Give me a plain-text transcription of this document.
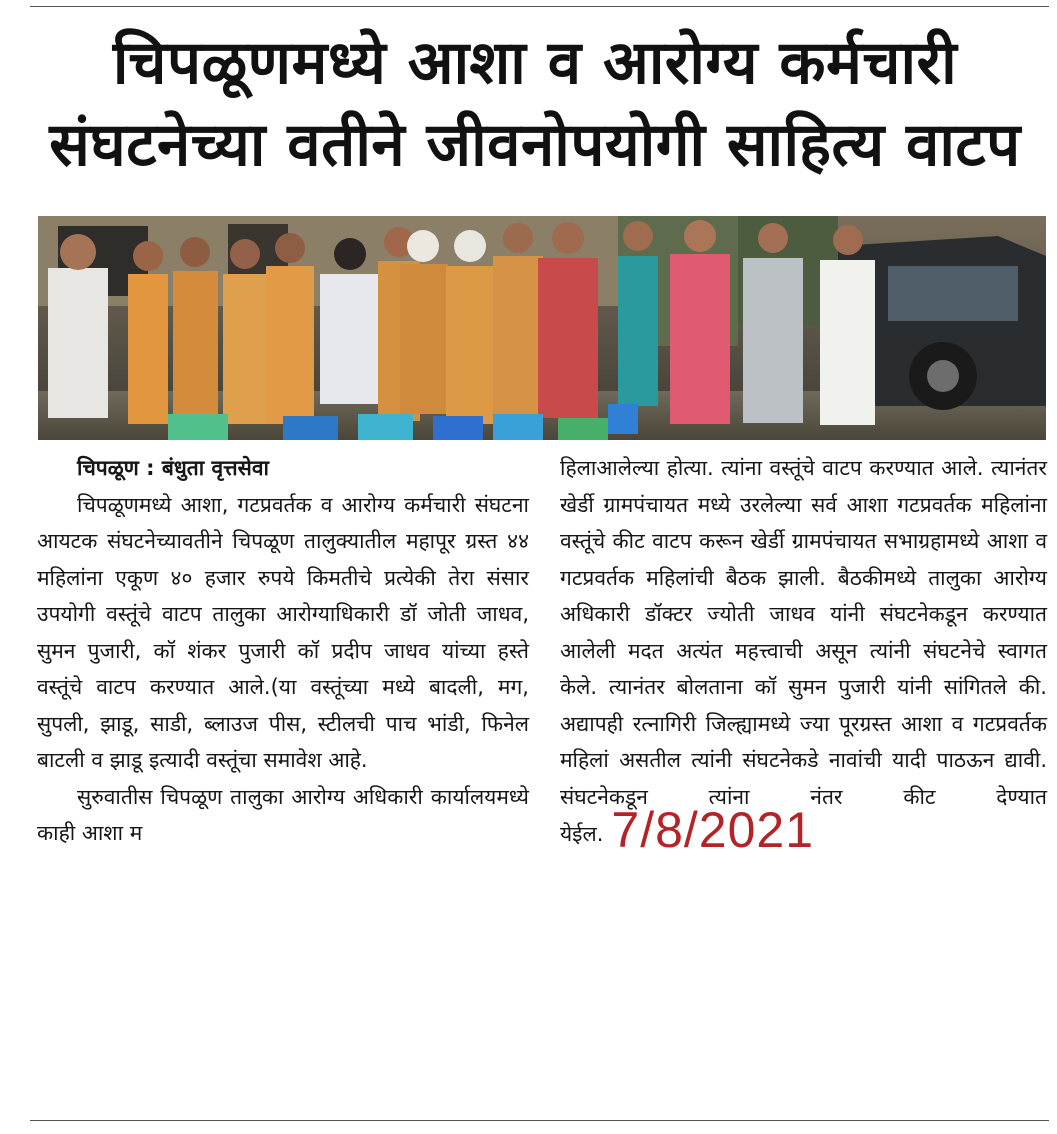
चिपळूणमध्ये आशा व आरोग्य कर्मचारी
संघटनेच्या वतीने जीवनोपयोगी साहित्य वाटप

चिपळूण : बंधुता वृत्तसेवा

चिपळूणमध्ये आशा, गटप्रवर्तक व आरोग्य कर्मचारी संघटना आयटक संघटनेच्यावतीने चिपळूण तालुक्यातील महापूर ग्रस्त ४४ महिलांना एकूण ४० हजार रुपये किमतीचे प्रत्येकी तेरा संसार उपयोगी वस्तूंचे वाटप तालुका आरोग्याधिकारी डॉ जोती जाधव, सुमन पुजारी, कॉ शंकर पुजारी कॉ प्रदीप जाधव यांच्या हस्ते वस्तूंचे वाटप करण्यात आले.(या वस्तूंच्या मध्ये बादली, मग, सुपली, झाडू, साडी, ब्लाउज पीस, स्टीलची पाच भांडी, फिनेल बाटली व झाडू इत्यादी वस्तूंचा समावेश आहे.

सुरुवातीस चिपळूण तालुका आरोग्य अधिकारी कार्यालयमध्ये काही आशा म

हिलाआलेल्या होत्या. त्यांना वस्तूंचे वाटप करण्यात आले. त्यानंतर खेर्डी ग्रामपंचायत मध्ये उरलेल्या सर्व आशा गटप्रवर्तक महिलांना वस्तूंचे कीट वाटप करून खेर्डी ग्रामपंचायत सभाग्रहामध्ये आशा व गटप्रवर्तक महिलांची बैठक झाली. बैठकीमध्ये तालुका आरोग्य अधिकारी डॉक्टर ज्योती जाधव यांनी संघटनेकडून करण्यात आलेली मदत अत्यंत महत्त्वाची असून त्यांनी संघटनेचे स्वागत केले. त्यानंतर बोलताना कॉ सुमन पुजारी यांनी सांगितले की. अद्यापही रत्नागिरी जिल्ह्यामध्ये ज्या पूरग्रस्त आशा व गटप्रवर्तक महिलां असतील त्यांनी संघटनेकडे नावांची यादी पाठऊन द्यावी. संघटनेकडून त्यांना नंतर कीट देण्यात येईल. 7/8/2021
